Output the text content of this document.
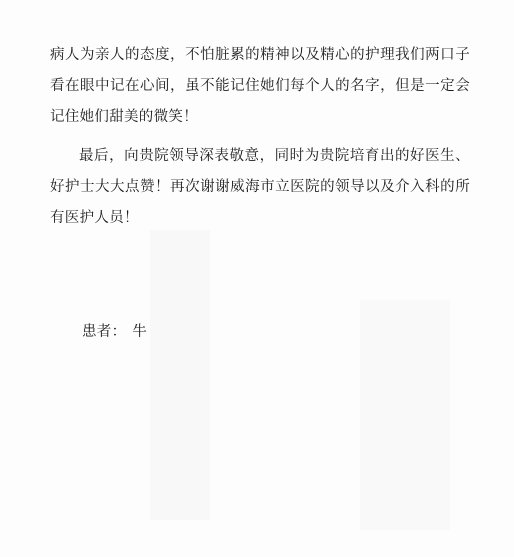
病人为亲人的态度，不怕脏累的精神以及精心的护理我们两口子看在眼中记在心间，虽不能记住她们每个人的名字，但是一定会记住她们甜美的微笑！

最后，向贵院领导深表敬意，同时为贵院培育出的好医生、好护士大大点赞！再次谢谢威海市立医院的领导以及介入科的所有医护人员！

患者： 牛
